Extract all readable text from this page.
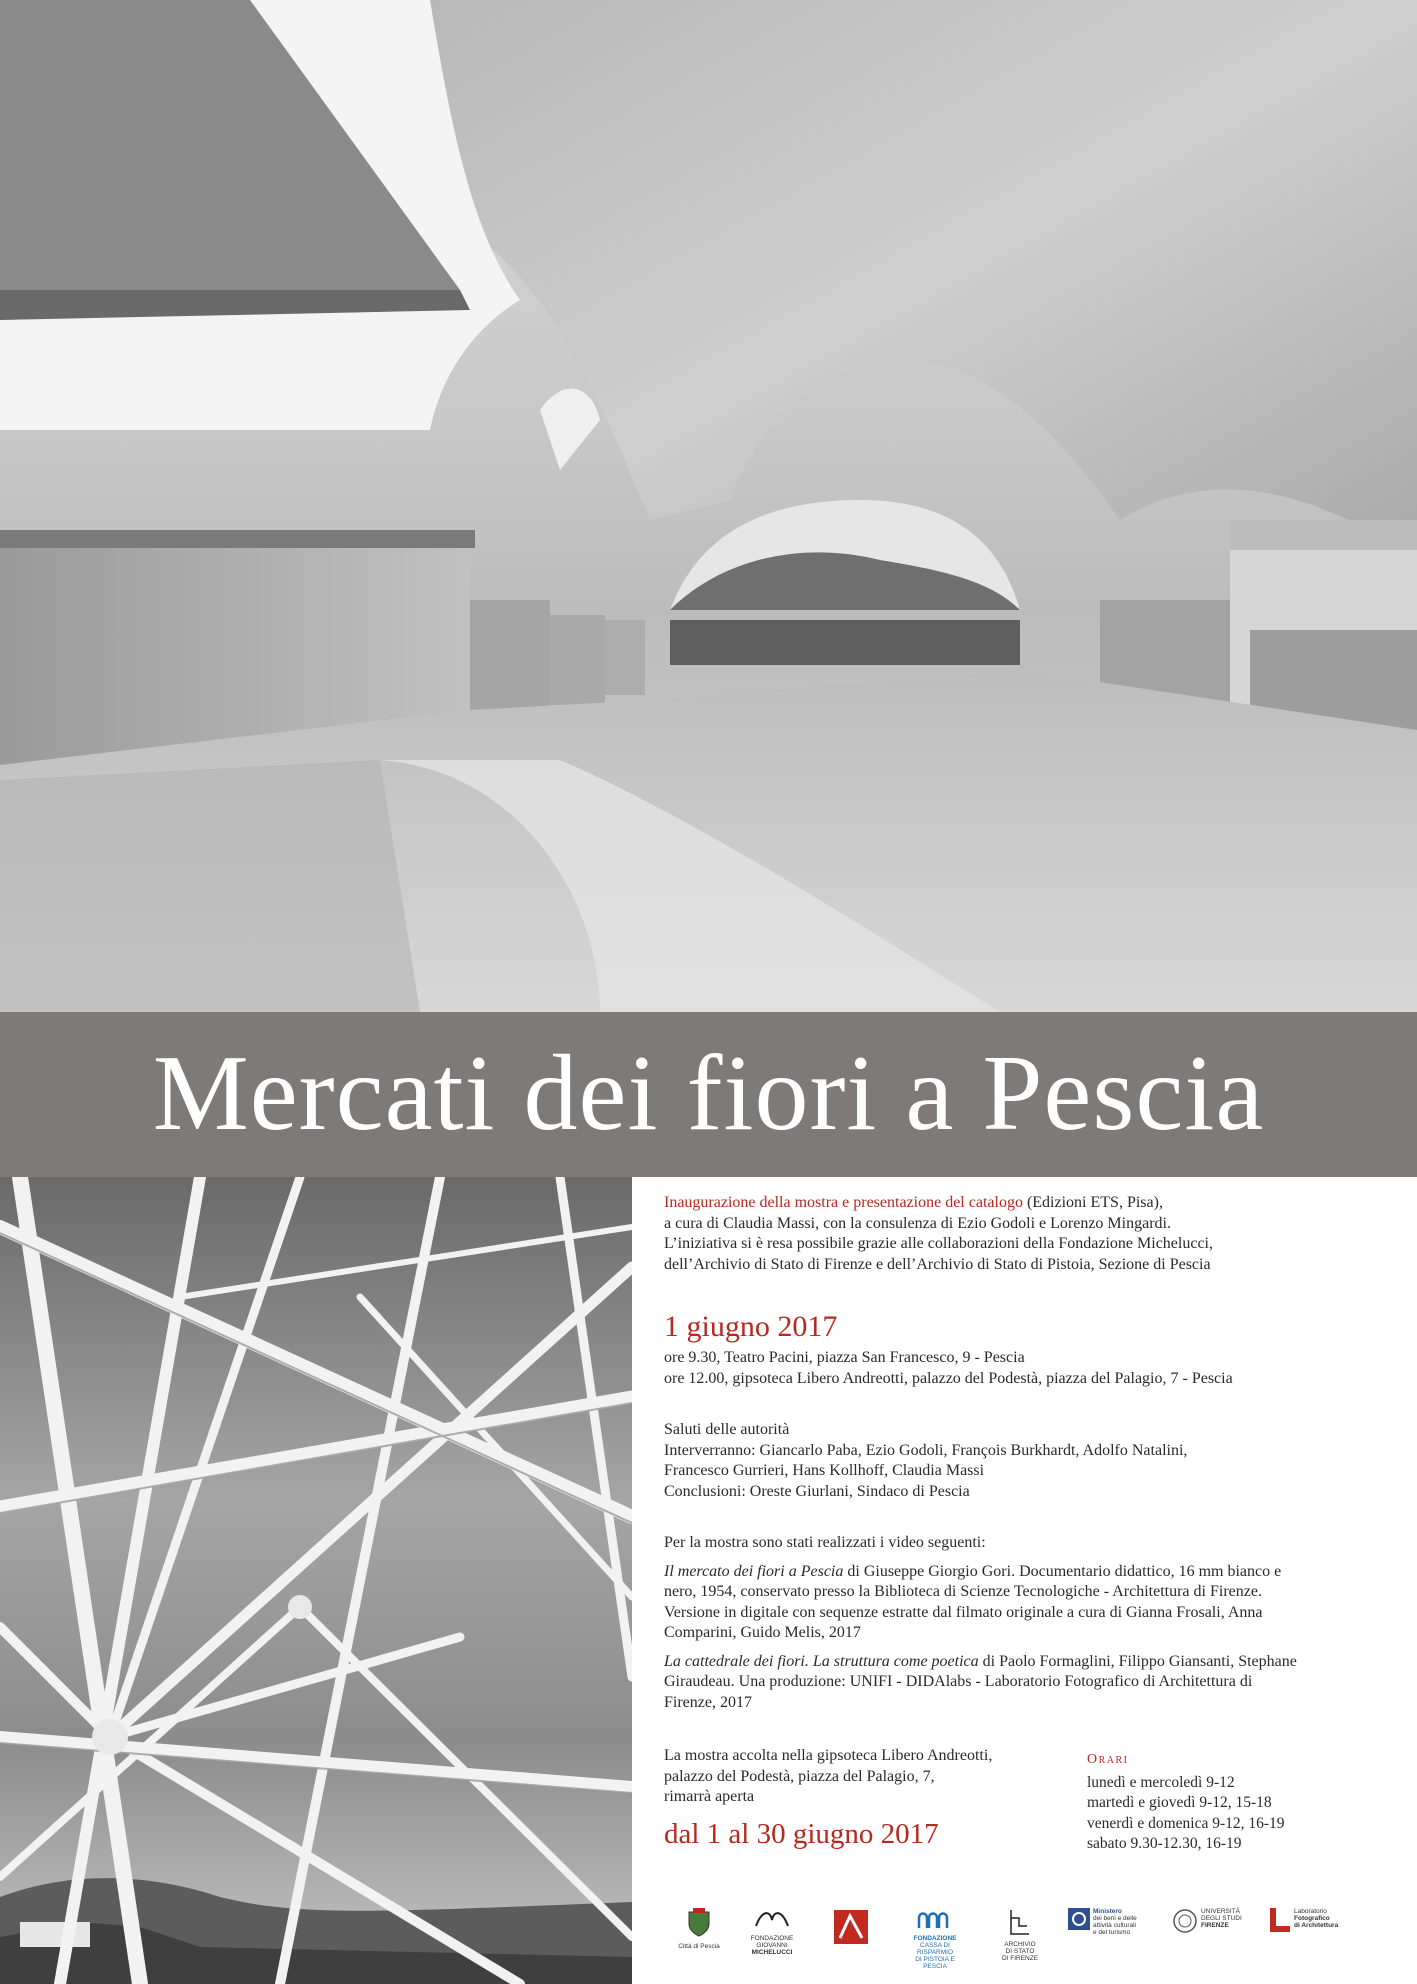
Mercati dei fiori a Pescia

Inaugurazione della mostra e presentazione del catalogo (Edizioni ETS, Pisa),

a cura di Claudia Massi, con la consulenza di Ezio Godoli e Lorenzo Mingardi.

L’iniziativa si è resa possibile grazie alle collaborazioni della Fondazione Michelucci,

dell’Archivio di Stato di Firenze e dell’Archivio di Stato di Pistoia, Sezione di Pescia

1 giugno 2017

ore 9.30, Teatro Pacini, piazza San Francesco, 9 - Pescia

ore 12.00, gipsoteca Libero Andreotti, palazzo del Podestà, piazza del Palagio, 7 - Pescia

Saluti delle autorità

Interverranno: Giancarlo Paba, Ezio Godoli, François Burkhardt, Adolfo Natalini,

Francesco Gurrieri, Hans Kollhoff, Claudia Massi

Conclusioni: Oreste Giurlani, Sindaco di Pescia

Per la mostra sono stati realizzati i video seguenti:

Il mercato dei fiori a Pescia di Giuseppe Giorgio Gori. Documentario didattico, 16 mm bianco e

nero, 1954, conservato presso la Biblioteca di Scienze Tecnologiche - Architettura di Firenze.

Versione in digitale con sequenze estratte dal filmato originale a cura di Gianna Frosali, Anna

Comparini, Guido Melis, 2017

La cattedrale dei fiori. La struttura come poetica di Paolo Formaglini, Filippo Giansanti, Stephane

Giraudeau. Una produzione: UNIFI - DIDAlabs - Laboratorio Fotografico di Architettura di

Firenze, 2017

La mostra accolta nella gipsoteca Libero Andreotti,

palazzo del Podestà, piazza del Palagio, 7,

rimarrà aperta

dal 1 al 30 giugno 2017

Orari

lunedì e mercoledì 9-12

martedì e giovedì 9-12, 15-18

venerdì e domenica 9-12, 16-19

sabato 9.30-12.30, 16-19

Città di Pescia
FONDAZIONE
GIOVANNI
MICHELUCCI
FONDAZIONE
CASSA DI RISPARMIO
DI PISTOIA E PESCIA
ARCHIVIO
DI STATO
DI FIRENZE
Ministero
dei beni e delle
attività culturali
e del turismo
UNIVERSITÀ
DEGLI STUDI
FIRENZE
Laboratorio
Fotografico
di Architettura
